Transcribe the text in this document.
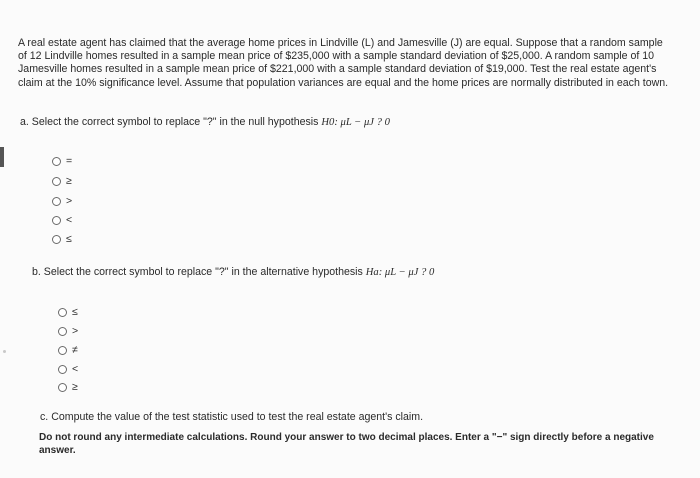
A real estate agent has claimed that the average home prices in Lindville (L) and Jamesville (J) are equal. Suppose that a random sample of 12 Lindville homes resulted in a sample mean price of $235,000 with a sample standard deviation of $25,000. A random sample of 10 Jamesville homes resulted in a sample mean price of $221,000 with a sample standard deviation of $19,000. Test the real estate agent's claim at the 10% significance level. Assume that population variances are equal and the home prices are normally distributed in each town.
a. Select the correct symbol to replace "?" in the null hypothesis H0: μL − μJ ? 0
=
≥
>
<
≤
b. Select the correct symbol to replace "?" in the alternative hypothesis Ha: μL − μJ ? 0
≤
>
≠
<
≥
c. Compute the value of the test statistic used to test the real estate agent's claim.
Do not round any intermediate calculations. Round your answer to two decimal places. Enter a "−" sign directly before a negative answer.
